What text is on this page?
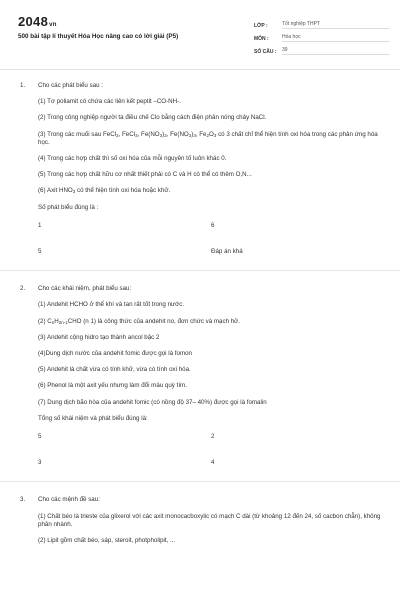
2048vn
500 bài tập lí thuyết Hóa Học nâng cao có lời giải (P5)
LỚP :	Tốt nghiệp THPT
MÔN :	Hóa học
SỐ CÂU :	39
1. Cho các phát biểu sau :
(1) Tơ poliamit có chứa các liên kết peptit –CO-NH-.
(2) Trong công nghiệp người ta điều chế Clo bằng cách điện phân nóng chảy NaCl.
(3) Trong các muối sau FeCl$_2$, FeCl$_3$, $Fe(NO_3)_2$, $Fe(NO_3)_3$, $Fe_2O_3$ có 3 chất chỉ thể hiện tính oxi hóa trong các phản ứng hóa học.
(4) Trong các hợp chất thì số oxi hóa của mỗi nguyên tố luôn khác 0.
(5) Trong các hợp chất hữu cơ nhất thiết phải có C và H có thể có thêm O,N...
(6) Axit $HNO_3$ có thể hiện tính oxi hóa hoặc khử.
Số phát biểu đúng là :
1	6
5	Đáp án khá
2. Cho các khái niệm, phát biểu sau:
(1) Andehit HCHO ở thể khí và tan rất tốt trong nước.
(2) $C_nH_{2n-1}CHO$ (n 1) là công thức của andehit no, đơn chức và mạch hở.
(3) Andehit cộng hidro tạo thành ancol bậc 2
(4)Dung dịch nước của andehit fomic được gọi là fomon
(5) Andehit là chất vừa có tính khử, vừa có tính oxi hóa.
(6) Phenol là một axit yếu nhưng làm đổi màu quỳ tím.
(7) Dung dịch bão hòa của andehit fomic (có nồng độ 37– 40%) được gọi là fomalin
Tổng số khái niệm và phát biểu đúng là:
5	2
3	4
3. Cho các mệnh đề sau:
(1) Chất béo là trieste của glixerol với các axit monocacboxylic có mạch C dài (từ khoảng 12 đến 24, số cacbon chẵn), không phân nhánh.
(2) Lipit gồm chất béo, sáp, steroit, photpholipit, ...
